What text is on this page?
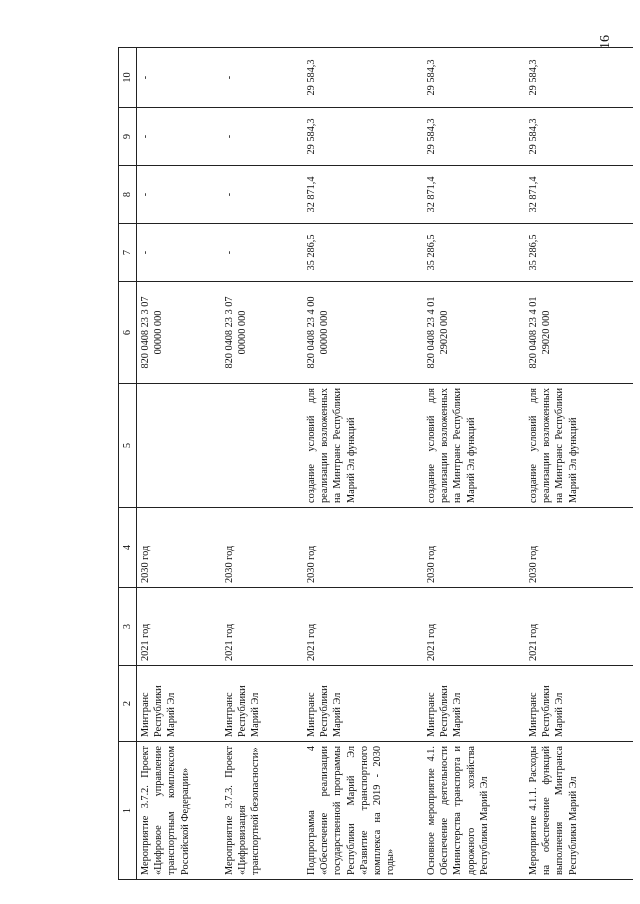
16
1	2	3	4	5	6	7	8	9	10
Мероприятие 3.7.2. Проект «Цифровое управление транспортным комплексом Российской Федерации»	Минтранс Республики Марий Эл	2021 год	2030 год		820 0408 23 3 07 00000 000	-	-	-	-
Мероприятие 3.7.3. Проект «Цифровизация транспортной безопасности»	Минтранс Республики Марий Эл	2021 год	2030 год		820 0408 23 3 07 00000 000	-	-	-	-
Подпрограмма 4 «Обеспечение реализации государственной программы Республики Марий Эл «Развитие транспортного комплекса на 2019 - 2030 годы»	Минтранс Республики Марий Эл	2021 год	2030 год	создание условий для реализации возложенных на Минтранс Республики Марий Эл функций	820 0408 23 4 00 00000 000	35 286,5	32 871,4	29 584,3	29 584,3
Основное мероприятие 4.1. Обеспечение деятельности Министерства транспорта и дорожного хозяйства Республики Марий Эл	Минтранс Республики Марий Эл	2021 год	2030 год	создание условий для реализации возложенных на Минтранс Республики Марий Эл функций	820 0408 23 4 01 29020 000	35 286,5	32 871,4	29 584,3	29 584,3
Мероприятие 4.1.1. Расходы на обеспечение функций выполнения Минтранса Республики Марий Эл	Минтранс Республики Марий Эл	2021 год	2030 год	создание условий для реализации возложенных на Минтранс Республики Марий Эл функций	820 0408 23 4 01 29020 000	35 286,5	32 871,4	29 584,3	29 584,3
